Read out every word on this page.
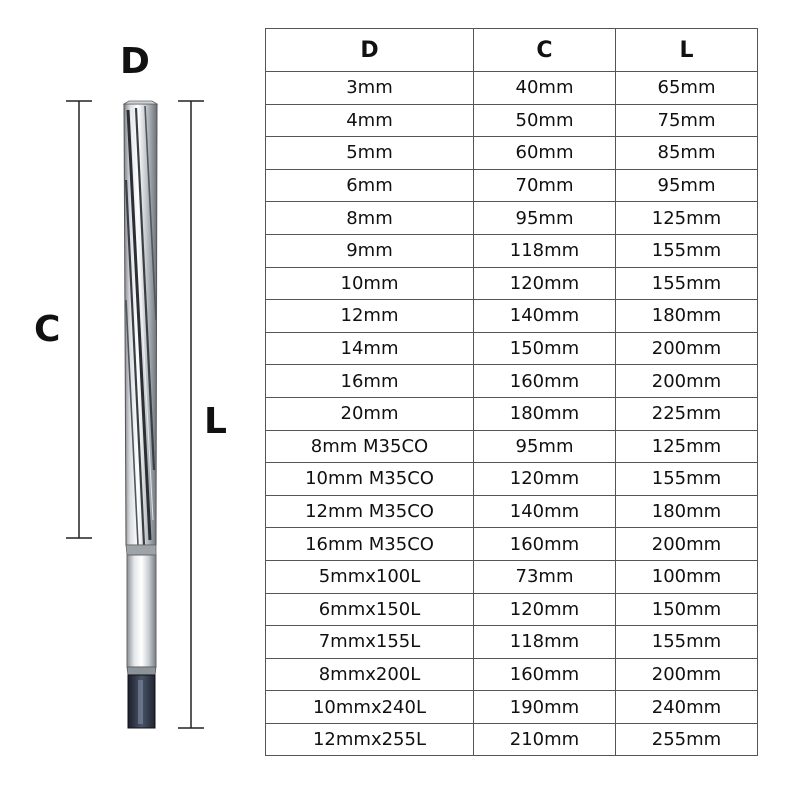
D
C
L
D	C	L
3mm	40mm	65mm
4mm	50mm	75mm
5mm	60mm	85mm
6mm	70mm	95mm
8mm	95mm	125mm
9mm	118mm	155mm
10mm	120mm	155mm
12mm	140mm	180mm
14mm	150mm	200mm
16mm	160mm	200mm
20mm	180mm	225mm
8mm M35CO	95mm	125mm
10mm M35CO	120mm	155mm
12mm M35CO	140mm	180mm
16mm M35CO	160mm	200mm
5mmx100L	73mm	100mm
6mmx150L	120mm	150mm
7mmx155L	118mm	155mm
8mmx200L	160mm	200mm
10mmx240L	190mm	240mm
12mmx255L	210mm	255mm
